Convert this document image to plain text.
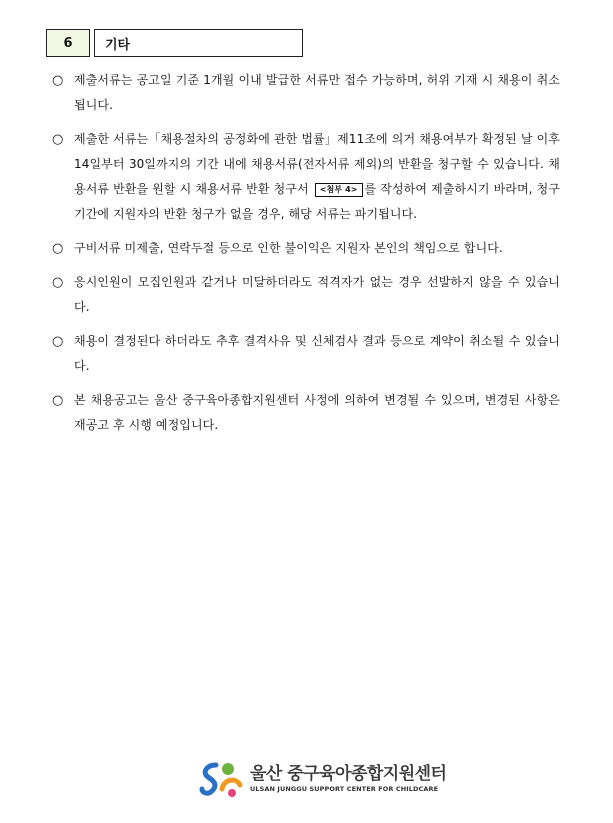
6	기타
○ 제출서류는 공고일 기준 1개월 이내 발급한 서류만 접수 가능하며, 허위 기재 시 채용이 취소됩니다.
○ 제출한 서류는「채용절차의 공정화에 관한 법률」제11조에 의거 채용여부가 확정된 날 이후 14일부터 30일까지의 기간 내에 채용서류(전자서류 제외)의 반환을 청구할 수 있습니다. 채용서류 반환을 원할 시 채용서류 반환 청구서 <첨부 4> 를 작성하여 제출하시기 바라며, 청구기간에 지원자의 반환 청구가 없을 경우, 해당 서류는 파기됩니다.
○ 구비서류 미제출, 연락두절 등으로 인한 불이익은 지원자 본인의 책임으로 합니다.
○ 응시인원이 모집인원과 같거나 미달하더라도 적격자가 없는 경우 선발하지 않을 수 있습니다.
○ 채용이 결정된다 하더라도 추후 결격사유 및 신체검사 결과 등으로 계약이 취소될 수 있습니다.
○ 본 채용공고는 울산 중구육아종합지원센터 사정에 의하여 변경될 수 있으며, 변경된 사항은 재공고 후 시행 예정입니다.
울산 중구육아종합지원센터
ULSAN JUNGGU SUPPORT CENTER FOR CHILDCARE
